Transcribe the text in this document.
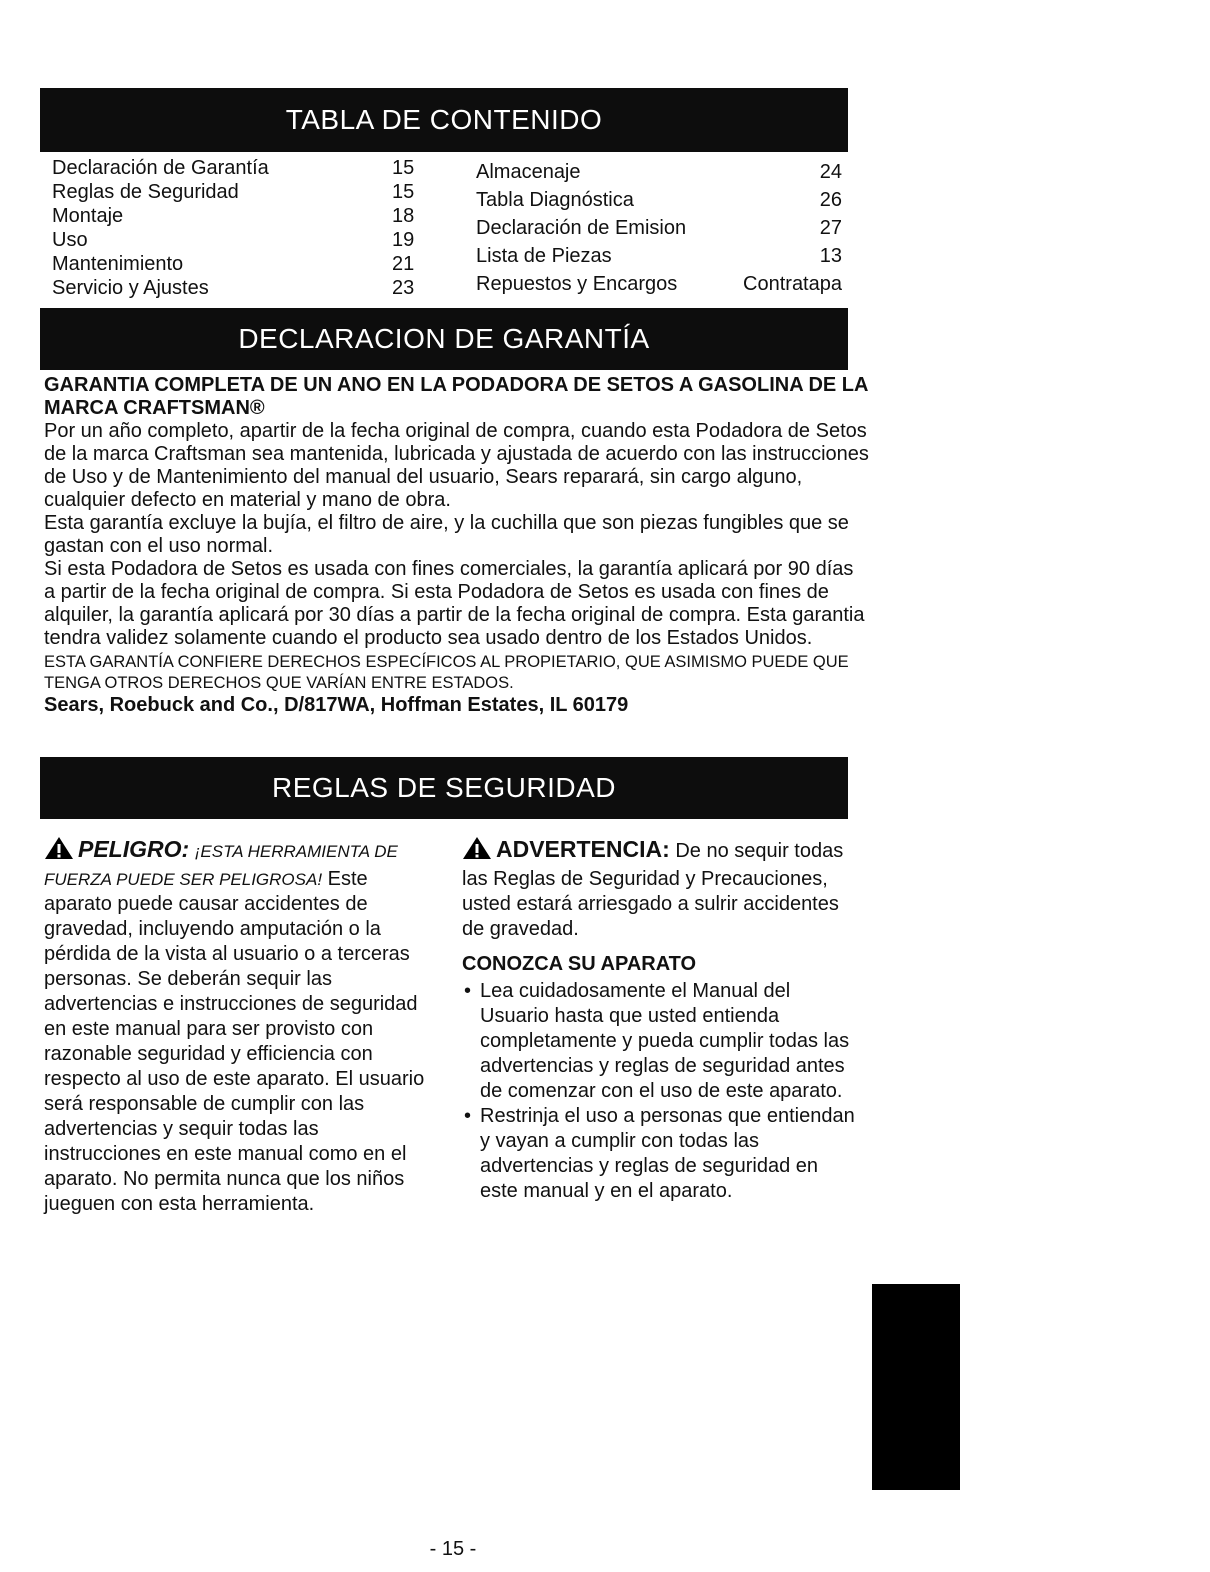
TABLA DE CONTENIDO
Declaración de Garantía	15
Reglas de Seguridad	15
Montaje	18
Uso	19
Mantenimiento	21
Servicio y Ajustes	23
Almacenaje	24
Tabla Diagnóstica	26
Declaración de Emision	27
Lista de Piezas	13
Repuestos y Encargos	Contratapa
DECLARACION DE GARANTÍA

GARANTIA COMPLETA DE UN ANO EN LA PODADORA DE SETOS A GASOLINA DE LA MARCA CRAFTSMAN®

Por un año completo, apartir de la fecha original de compra, cuando esta Podadora de Setos de la marca Craftsman sea mantenida, lubricada y ajustada de acuerdo con las instrucciones de Uso y de Mantenimiento del manual del usuario, Sears reparará, sin cargo alguno, cualquier defecto en material y mano de obra.

Esta garantía excluye la bujía, el filtro de aire, y la cuchilla que son piezas fungibles que se gastan con el uso normal.

Si esta Podadora de Setos es usada con fines comerciales, la garantía aplicará por 90 días a partir de la fecha original de compra. Si esta Podadora de Setos es usada con fines de alquiler, la garantía aplicará por 30 días a partir de la fecha original de compra. Esta garantia tendra validez solamente cuando el producto sea usado dentro de los Estados Unidos.

ESTA GARANTÍA CONFIERE DERECHOS ESPECÍFICOS AL PROPIETARIO, QUE ASIMISMO PUEDE QUE TENGA OTROS DERECHOS QUE VARÍAN ENTRE ESTADOS.

Sears, Roebuck and Co., D/817WA, Hoffman Estates, IL 60179

REGLAS DE SEGURIDAD
PELIGRO: ¡ESTA HERRAMIENTA DE FUERZA PUEDE SER PELIGROSA! Este aparato puede causar accidentes de gravedad, incluyendo amputación o la pérdida de la vista al usuario o a terceras personas. Se deberán sequir las advertencias e instrucciones de seguridad en este manual para ser provisto con razonable seguridad y efficiencia con respecto al uso de este aparato. El usuario será responsable de cumplir con las advertencias y sequir todas las instrucciones en este manual como en el aparato. No permita nunca que los niños jueguen con esta herramienta.
ADVERTENCIA: De no sequir todas las Reglas de Seguridad y Precauciones, usted estará arriesgado a sulrir accidentes de gravedad.

CONOZCA SU APARATO

• Lea cuidadosamente el Manual del Usuario hasta que usted entienda completamente y pueda cumplir todas las advertencias y reglas de seguridad antes de comenzar con el uso de este aparato.
• Restrinja el uso a personas que entiendan y vayan a cumplir con todas las advertencias y reglas de seguridad en este manual y en el aparato.
- 15 -
